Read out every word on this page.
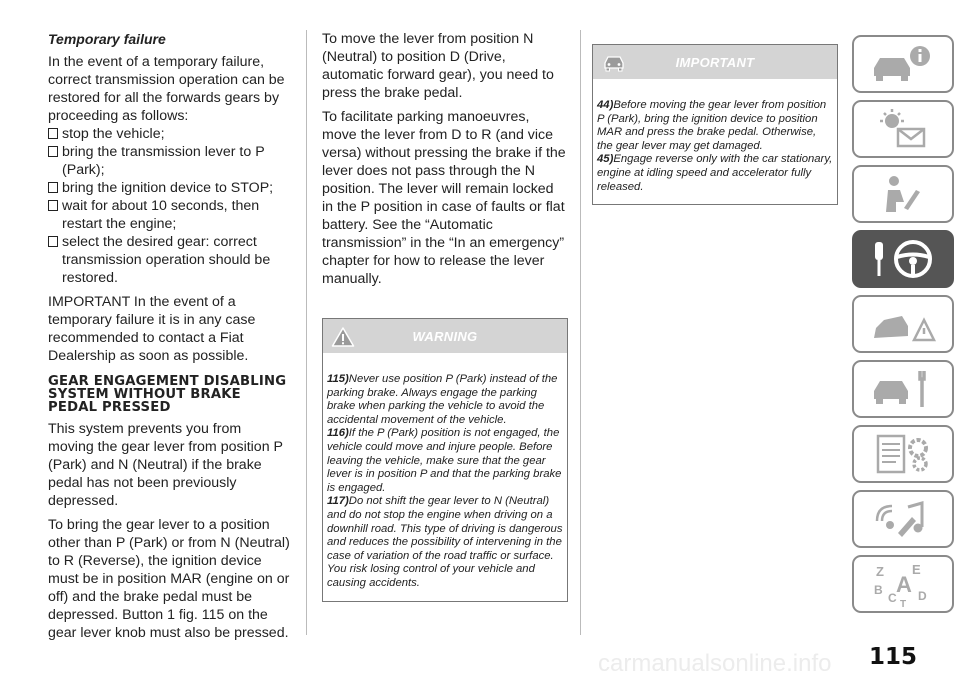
Temporary failure

In the event of a temporary failure, correct transmission operation can be restored for all the forwards gears by proceeding as follows:

stop the vehicle;

bring the transmission lever to P (Park);

bring the ignition device to STOP;

wait for about 10 seconds, then restart the engine;

select the desired gear: correct transmission operation should be restored.

IMPORTANT In the event of a temporary failure it is in any case recommended to contact a Fiat Dealership as soon as possible.

GEAR ENGAGEMENT DISABLING SYSTEM WITHOUT BRAKE PEDAL PRESSED

This system prevents you from moving the gear lever from position P (Park) and N (Neutral) if the brake pedal has not been previously depressed.

To bring the gear lever to a position other than P (Park) or from N (Neutral) to R (Reverse), the ignition device must be in position MAR (engine on or off) and the brake pedal must be depressed. Button 1 fig. 115 on the gear lever knob must also be pressed.

To move the lever from position N (Neutral) to position D (Drive, automatic forward gear), you need to press the brake pedal.

To facilitate parking manoeuvres, move the lever from D to R (and vice versa) without pressing the brake if the lever does not pass through the N position. The lever will remain locked in the P position in case of faults or flat battery. See the “Automatic transmission” in the “In an emergency” chapter for how to release the lever manually.

WARNING

115)Never use position P (Park) instead of the parking brake. Always engage the parking brake when parking the vehicle to avoid the accidental movement of the vehicle.

116)If the P (Park) position is not engaged, the vehicle could move and injure people. Before leaving the vehicle, make sure that the gear lever is in position P and that the parking brake is engaged.

117)Do not shift the gear lever to N (Neutral) and do not stop the engine when driving on a downhill road. This type of driving is dangerous and reduces the possibility of intervening in the case of variation of the road traffic or surface. You risk losing control of your vehicle and causing accidents.

IMPORTANT

44)Before moving the gear lever from position P (Park), bring the ignition device to position MAR and press the brake pedal. Otherwise, the gear lever may get damaged.

45)Engage reverse only with the car stationary, engine at idling speed and accelerator fully released.

Z E
A
B
C D
T
carmanualsonline.info 115
